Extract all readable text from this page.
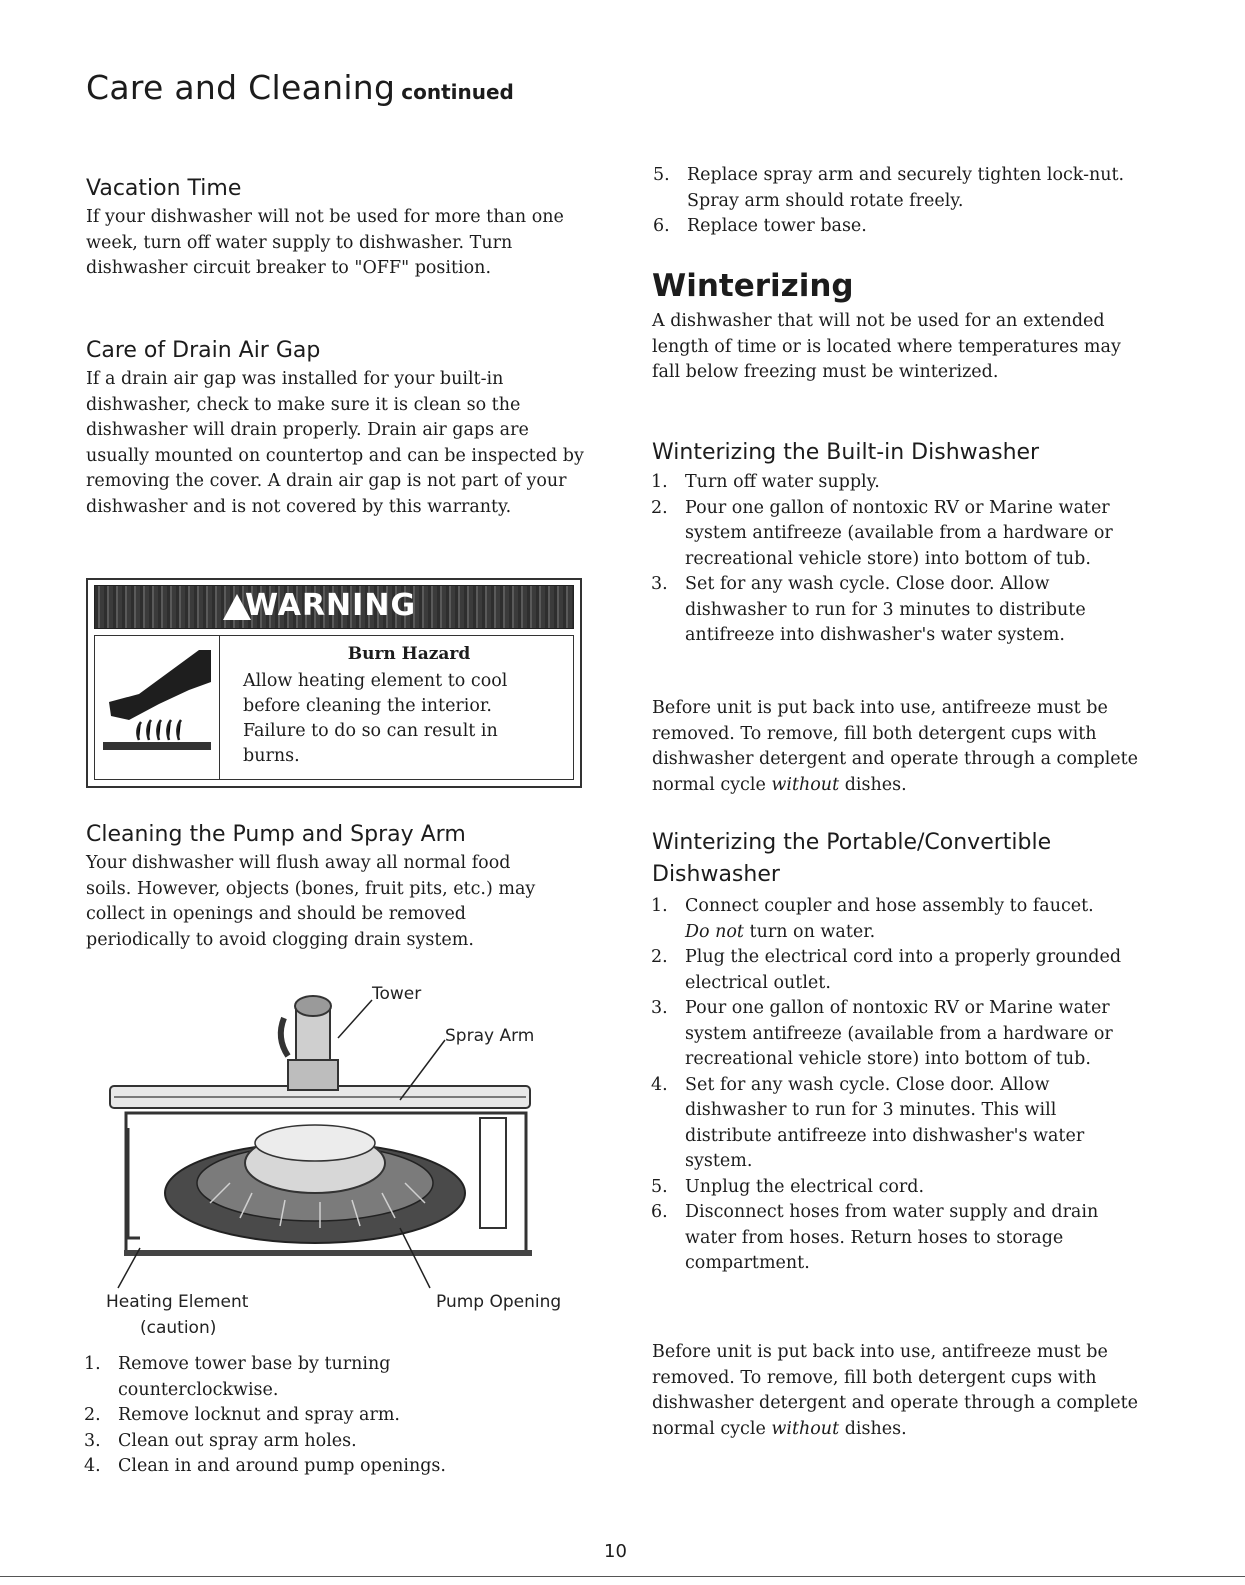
Care and Cleaning continued
Vacation Time

If your dishwasher will not be used for more than one week, turn off water supply to dishwasher. Turn dishwasher circuit breaker to "OFF" position.

Care of Drain Air Gap

If a drain air gap was installed for your built-in dishwasher, check to make sure it is clean so the dishwasher will drain properly. Drain air gaps are usually mounted on countertop and can be inspected by removing the cover. A drain air gap is not part of your dishwasher and is not covered by this warranty.

WARNING
Burn Hazard
Allow heating element to cool
before cleaning the interior.
Failure to do so can result in
burns.
Cleaning the Pump and Spray Arm

Your dishwasher will flush away all normal food soils. However, objects (bones, fruit pits, etc.) may collect in openings and should be removed periodically to avoid clogging drain system.

Tower
Spray Arm
Heating Element
(caution)
Pump Opening
1. Remove tower base by turning counterclockwise.
2. Remove locknut and spray arm.
3. Clean out spray arm holes.
4. Clean in and around pump openings.
5. Replace spray arm and securely tighten lock-nut. Spray arm should rotate freely.
6. Replace tower base.
Winterizing

A dishwasher that will not be used for an extended length of time or is located where temperatures may fall below freezing must be winterized.

Winterizing the Built-in Dishwasher
1. Turn off water supply.
2. Pour one gallon of nontoxic RV or Marine water system antifreeze (available from a hardware or recreational vehicle store) into bottom of tub.
3. Set for any wash cycle. Close door. Allow dishwasher to run for 3 minutes to distribute antifreeze into dishwasher's water system.

Before unit is put back into use, antifreeze must be removed. To remove, fill both detergent cups with dishwasher detergent and operate through a complete normal cycle without dishes.

Winterizing the Portable/Convertible
Dishwasher
1. Connect coupler and hose assembly to faucet.
Do not turn on water.
2. Plug the electrical cord into a properly grounded electrical outlet.
3. Pour one gallon of nontoxic RV or Marine water system antifreeze (available from a hardware or recreational vehicle store) into bottom of tub.
4. Set for any wash cycle. Close door. Allow dishwasher to run for 3 minutes. This will distribute antifreeze into dishwasher's water system.
5. Unplug the electrical cord.
6. Disconnect hoses from water supply and drain water from hoses. Return hoses to storage compartment.

Before unit is put back into use, antifreeze must be removed. To remove, fill both detergent cups with dishwasher detergent and operate through a complete normal cycle without dishes.

10
